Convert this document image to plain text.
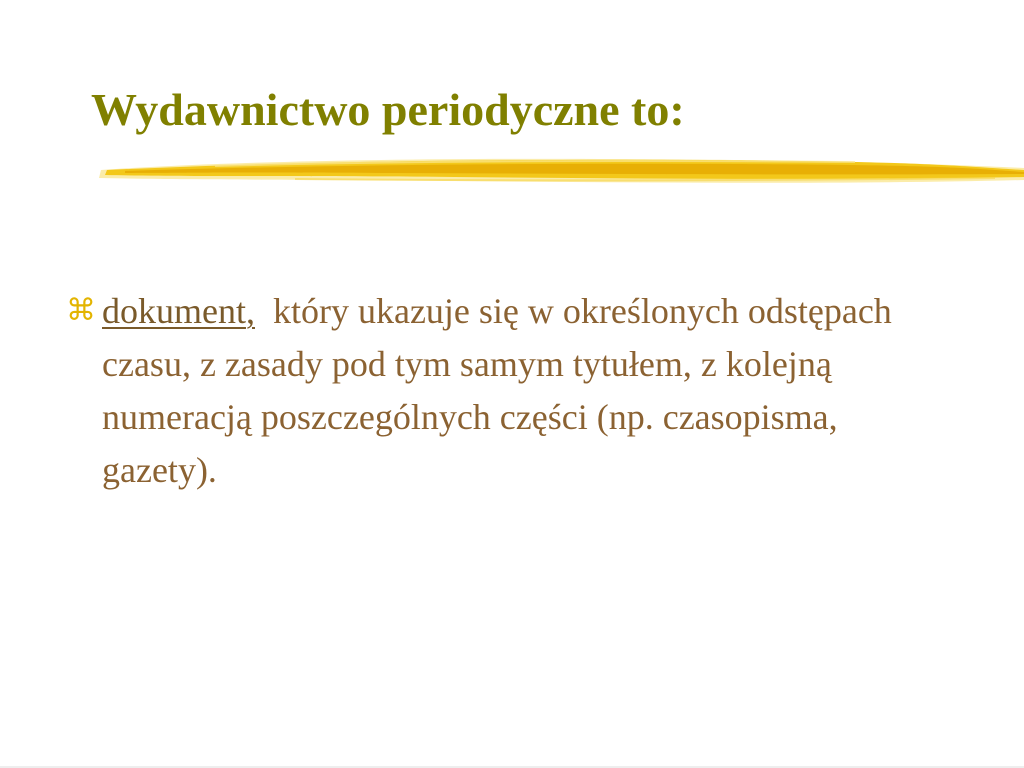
Wydawnictwo periodyczne to:

⌘ dokument,  który ukazuje się w określonych odstępach czasu, z zasady pod tym samym tytułem, z kolejną numeracją poszczególnych części (np. czasopisma, gazety).
